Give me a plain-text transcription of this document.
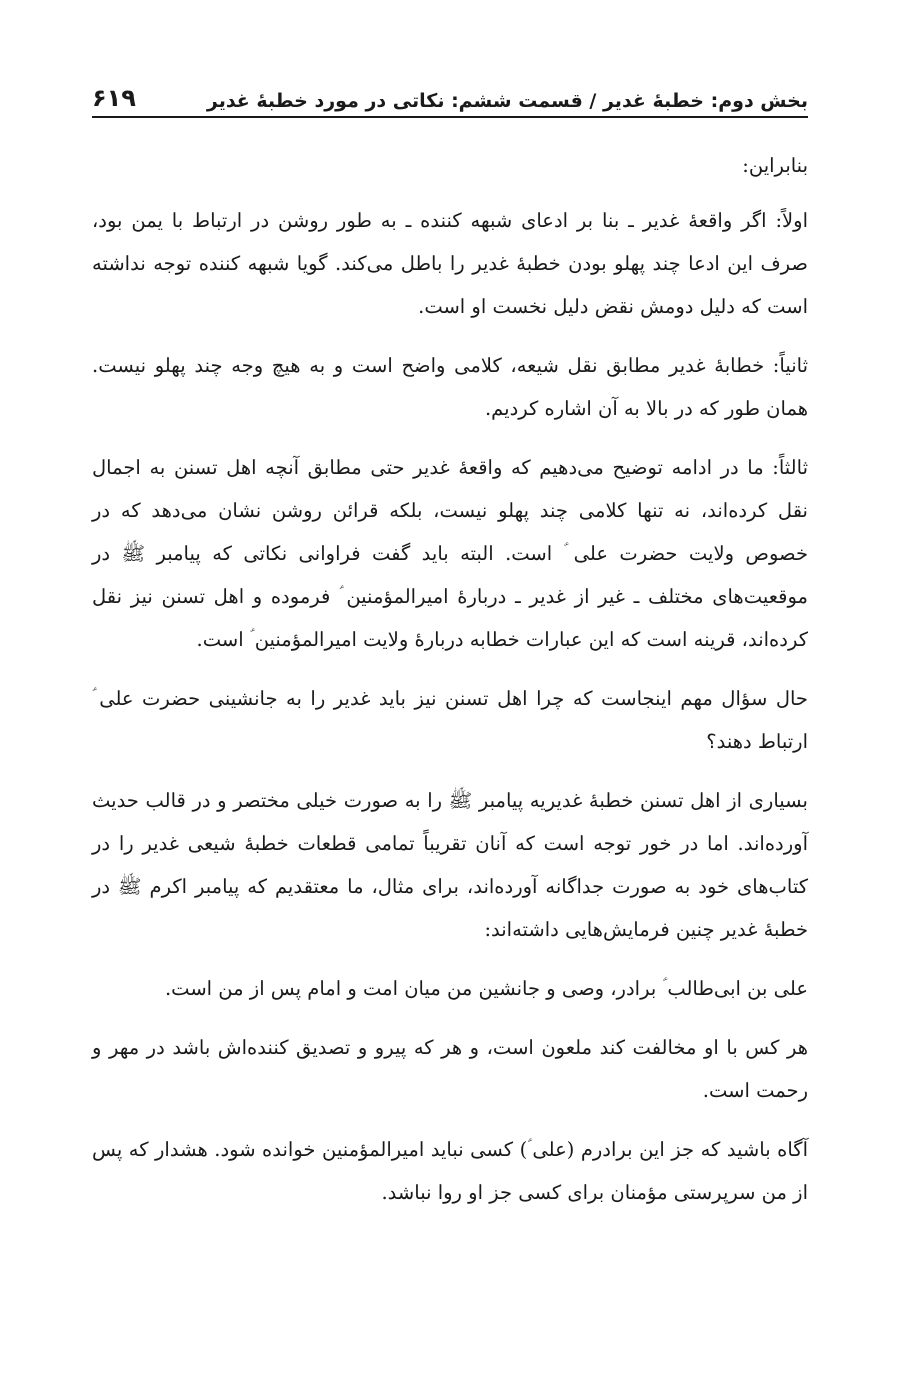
بخش دوم: خطبهٔ غدیر / قسمت ششم: نکاتی در مورد خطبهٔ غدیر
۶۱۹

بنابراین:

اولاً: اگر واقعهٔ غدیر ـ بنا بر ادعای شبهه کننده ـ به طور روشن در ارتباط با یمن بود، صرف این ادعا چند پهلو بودن خطبهٔ غدیر را باطل می‌کند. گویا شبهه کننده توجه نداشته است که دلیل دومش نقض دلیل نخست او است.

ثانیاً: خطابهٔ غدیر مطابق نقل شیعه، کلامی واضح است و به هیچ وجه چند پهلو نیست. همان طور که در بالا به آن اشاره کردیم.

ثالثاً: ما در ادامه توضیح می‌دهیم که واقعهٔ غدیر حتی مطابق آنچه اهل تسنن به اجمال نقل کرده‌اند، نه تنها کلامی چند پهلو نیست، بلکه قرائن روشن نشان می‌دهد که در خصوص ولایت حضرت علی ؑ است. البته باید گفت فراوانی نکاتی که پیامبر ﷺ در موقعیت‌های مختلف ـ غیر از غدیر ـ دربارهٔ امیرالمؤمنین ؑ فرموده و اهل تسنن نیز نقل کرده‌اند، قرینه است که این عبارات خطابه دربارهٔ ولایت امیرالمؤمنین ؑ است.

حال سؤال مهم اینجاست که چرا اهل تسنن نیز باید غدیر را به جانشینی حضرت علی ؑ ارتباط دهند؟

بسیاری از اهل تسنن خطبهٔ غدیریه پیامبر ﷺ را به صورت خیلی مختصر و در قالب حدیث آورده‌اند. اما در خور توجه است که آنان تقریباً تمامی قطعات خطبهٔ شیعی غدیر را در کتاب‌های خود به صورت جداگانه آورده‌اند، برای مثال، ما معتقدیم که پیامبر اکرم ﷺ در خطبهٔ غدیر چنین فرمایش‌هایی داشته‌اند:

علی بن ابی‌طالب ؑ برادر، وصی و جانشین من میان امت و امام پس از من است.

هر کس با او مخالفت کند ملعون است، و هر که پیرو و تصدیق کننده‌اش باشد در مهر و رحمت است.

آگاه باشید که جز این برادرم (علی ؑ) کسی نباید امیرالمؤمنین خوانده شود. هشدار که پس از من سرپرستی مؤمنان برای کسی جز او روا نباشد.
